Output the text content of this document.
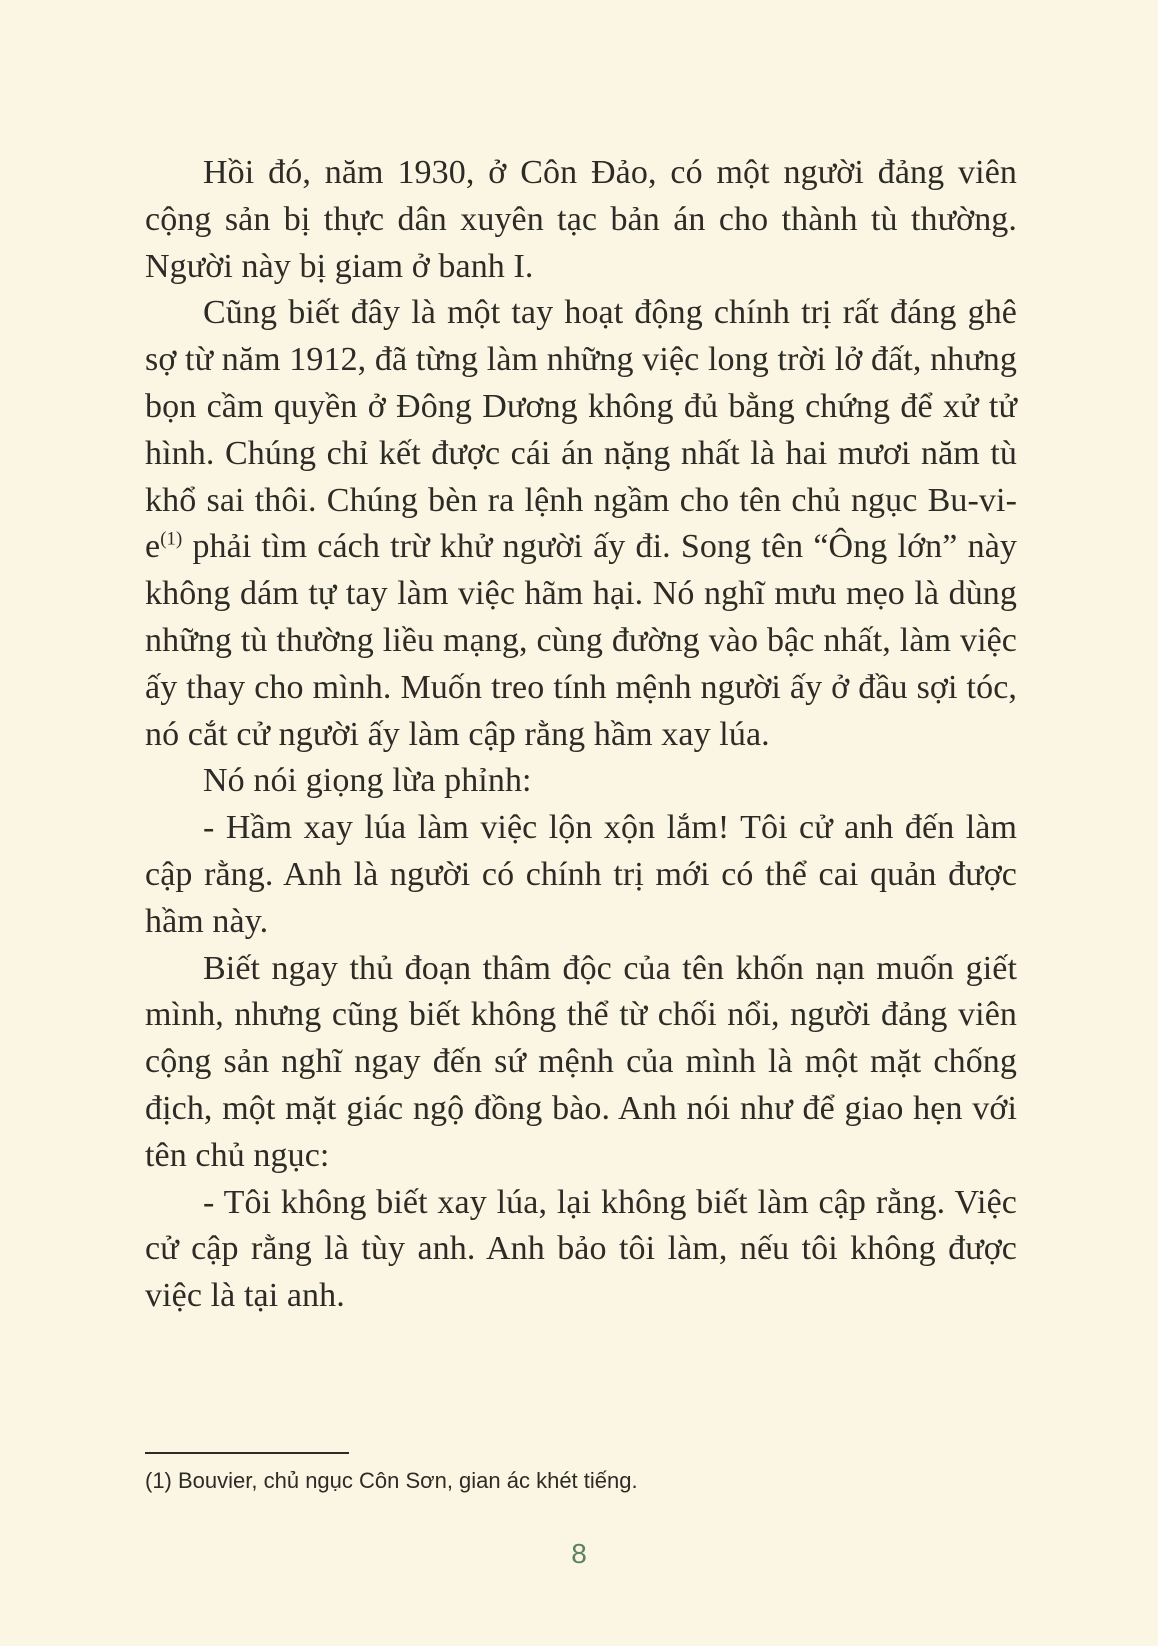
Hồi đó, năm 1930, ở Côn Đảo, có một người đảng viên cộng sản bị thực dân xuyên tạc bản án cho thành tù thường. Người này bị giam ở banh I.

Cũng biết đây là một tay hoạt động chính trị rất đáng ghê sợ từ năm 1912, đã từng làm những việc long trời lở đất, nhưng bọn cầm quyền ở Đông Dương không đủ bằng chứng để xử tử hình. Chúng chỉ kết được cái án nặng nhất là hai mươi năm tù khổ sai thôi. Chúng bèn ra lệnh ngầm cho tên chủ ngục $Bu-vi-e^{(1)}$ phải tìm cách trừ khử người ấy đi. Song tên “Ông lớn” này không dám tự tay làm việc hãm hại. Nó nghĩ mưu mẹo là dùng những tù thường liều mạng, cùng đường vào bậc nhất, làm việc ấy thay cho mình. Muốn treo tính mệnh người ấy ở đầu sợi tóc, nó cắt cử người ấy làm cập rằng hầm xay lúa.

Nó nói giọng lừa phỉnh:

- Hầm xay lúa làm việc lộn xộn lắm! Tôi cử anh đến làm cập rằng. Anh là người có chính trị mới có thể cai quản được hầm này.

Biết ngay thủ đoạn thâm độc của tên khốn nạn muốn giết mình, nhưng cũng biết không thể từ chối nổi, người đảng viên cộng sản nghĩ ngay đến sứ mệnh của mình là một mặt chống địch, một mặt giác ngộ đồng bào. Anh nói như để giao hẹn với tên chủ ngục:

- Tôi không biết xay lúa, lại không biết làm cập rằng. Việc cử cập rằng là tùy anh. Anh bảo tôi làm, nếu tôi không được việc là tại anh.

(1) Bouvier, chủ ngục Côn Sơn, gian ác khét tiếng.

8
